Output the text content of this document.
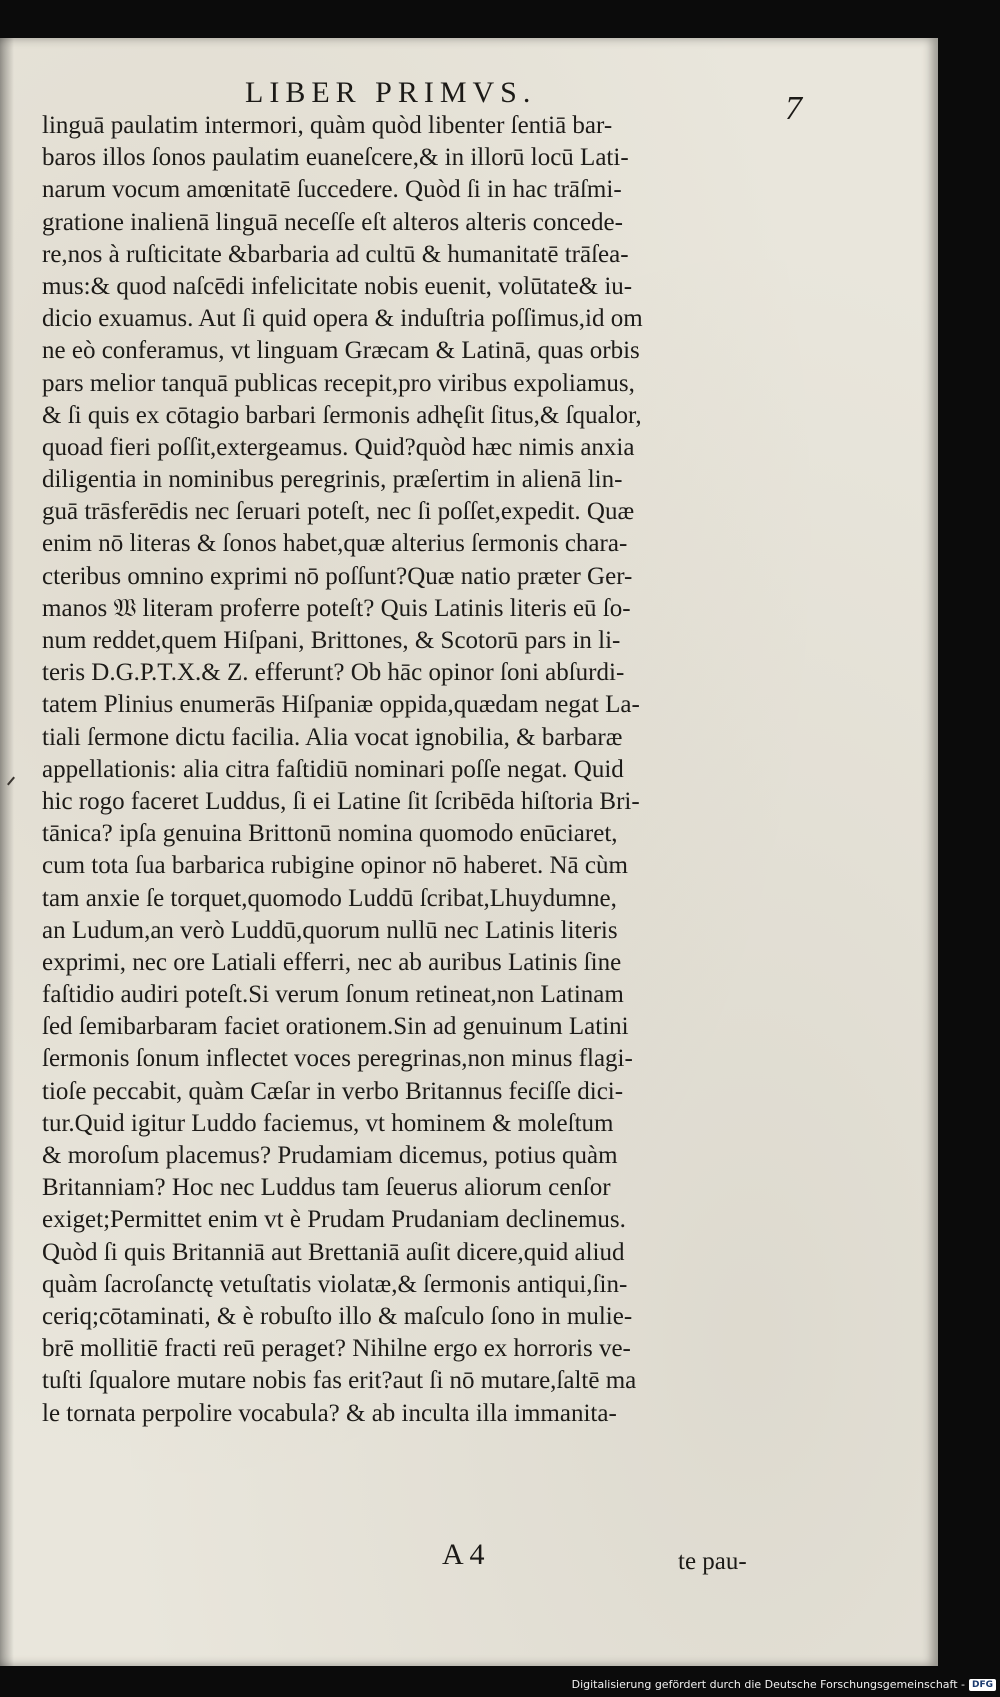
LIBER PRIMVS.	7
linguā paulatim intermori, quàm quòd libenter ſentiā bar-
baros illos ſonos paulatim euaneſcere,& in illorū locū Lati-
narum vocum amœnitatē ſuccedere. Quòd ſi in hac trāſmi-
gratione inalienā linguā neceſſe eſt alteros alteris concede-
re,nos à ruſticitate &barbaria ad cultū & humanitatē trāſea-
mus:& quod naſcēdi infelicitate nobis euenit, volūtate& iu-
dicio exuamus. Aut ſi quid opera & induſtria poſſimus,id om
ne eò conferamus, vt linguam Græcam & Latinā, quas orbis
pars melior tanquā publicas recepit,pro viribus expoliamus,
& ſi quis ex cōtagio barbari ſermonis adhęſit ſitus,& ſqualor,
quoad fieri poſſit,extergeamus. Quid?quòd hæc nimis anxia
diligentia in nominibus peregrinis, præſertim in alienā lin-
guā trāsferēdis nec ſeruari poteſt, nec ſi poſſet,expedit. Quæ
enim nō literas & ſonos habet,quæ alterius ſermonis chara-
cteribus omnino exprimi nō poſſunt?Quæ natio præter Ger-
manos 𝔚 literam proferre poteſt? Quis Latinis literis eū ſo-
num reddet,quem Hiſpani, Brittones, & Scotorū pars in li-
teris D.G.P.T.X.& Z. efferunt? Ob hāc opinor ſoni abſurdi-
tatem Plinius enumerās Hiſpaniæ oppida,quædam negat La-
tiali ſermone dictu facilia. Alia vocat ignobilia, & barbaræ
appellationis: alia citra faſtidiū nominari poſſe negat. Quid
hic rogo faceret Luddus, ſi ei Latine ſit ſcribēda hiſtoria Bri-
tānica? ipſa genuina Brittonū nomina quomodo enūciaret,
cum tota ſua barbarica rubigine opinor nō haberet. Nā cùm
tam anxie ſe torquet,quomodo Luddū ſcribat,Lhuydumne,
an Ludum,an verò Luddū,quorum nullū nec Latinis literis
exprimi, nec ore Latiali efferri, nec ab auribus Latinis ſine
faſtidio audiri poteſt.Si verum ſonum retineat,non Latinam
ſed ſemibarbaram faciet orationem.Sin ad genuinum Latini
ſermonis ſonum inflectet voces peregrinas,non minus flagi-
tioſe peccabit, quàm Cæſar in verbo Britannus feciſſe dici-
tur.Quid igitur Luddo faciemus, vt hominem & moleſtum
& moroſum placemus? Prudamiam dicemus, potius quàm
Britanniam? Hoc nec Luddus tam ſeuerus aliorum cenſor
exiget;Permittet enim vt è Prudam Prudaniam declinemus.
Quòd ſi quis Britanniā aut Brettaniā auſit dicere,quid aliud
quàm ſacroſanctę vetuſtatis violatæ,& ſermonis antiqui,ſin-
ceriq;cōtaminati, & è robuſto illo & maſculo ſono in mulie-
brē mollitiē fracti reū peraget? Nihilne ergo ex horroris ve-
tuſti ſqualore mutare nobis fas erit?aut ſi nō mutare,ſaltē ma
le tornata perpolire vocabula? & ab inculta illa immanita-
A 4	te pau-
Digitalisierung gefördert durch die Deutsche Forschungsgemeinschaft - DFG
